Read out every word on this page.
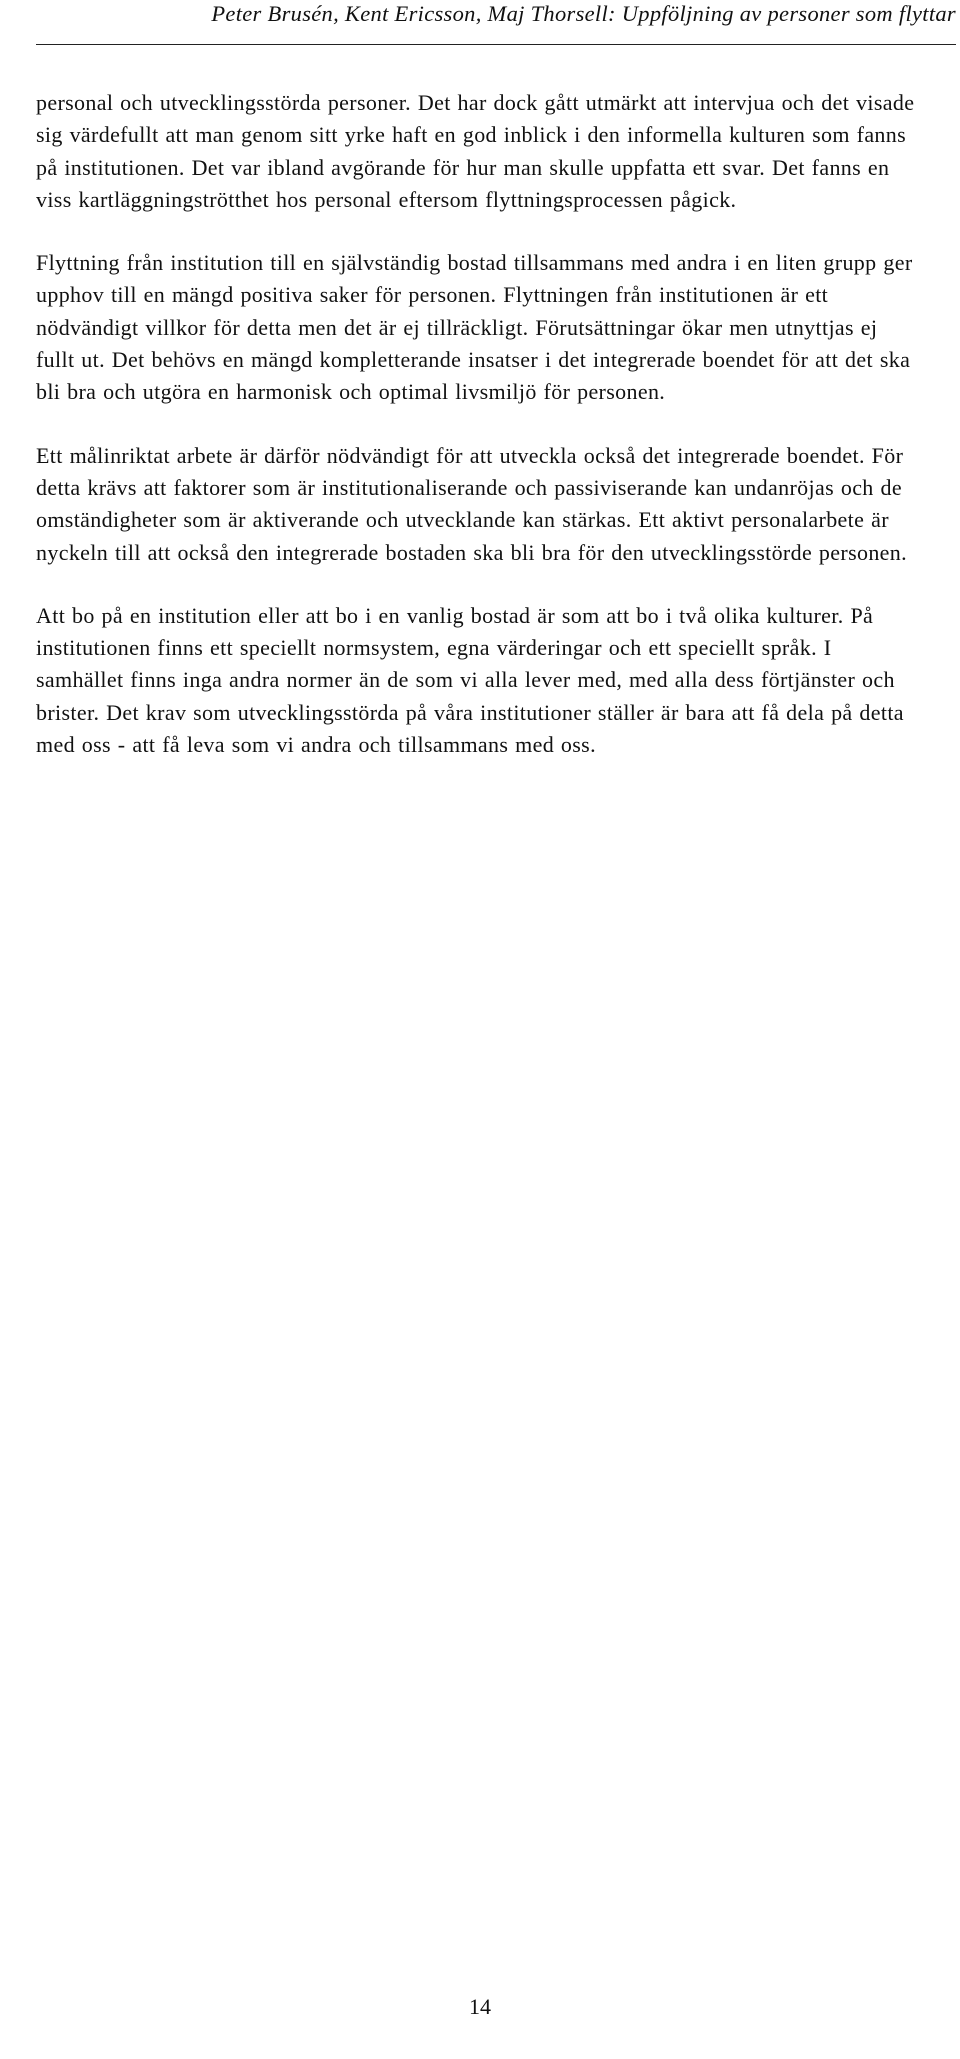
Peter Brusén, Kent Ericsson, Maj Thorsell: Uppföljning av personer som flyttar

personal och utvecklingsstörda personer. Det har dock gått utmärkt att intervjua och det visade sig värdefullt att man genom sitt yrke haft en god inblick i den informella kulturen som fanns på institutionen. Det var ibland avgörande för hur man skulle uppfatta ett svar. Det fanns en viss kartläggningströtthet hos personal eftersom flyttningsprocessen pågick.

Flyttning från institution till en självständig bostad tillsammans med andra i en liten grupp ger upphov till en mängd positiva saker för personen. Flyttningen från institutionen är ett nödvändigt villkor för detta men det är ej tillräckligt. Förutsättningar ökar men utnyttjas ej fullt ut. Det behövs en mängd kompletterande insatser i det integrerade boendet för att det ska bli bra och utgöra en harmonisk och optimal livsmiljö för personen.

Ett målinriktat arbete är därför nödvändigt för att utveckla också det integrerade boendet. För detta krävs att faktorer som är institutionaliserande och passiviserande kan undanröjas och de omständigheter som är aktiverande och utvecklande kan stärkas. Ett aktivt personalarbete är nyckeln till att också den integrerade bostaden ska bli bra för den utvecklingsstörde personen.

Att bo på en institution eller att bo i en vanlig bostad är som att bo i två olika kulturer. På institutionen finns ett speciellt normsystem, egna värderingar och ett speciellt språk. I samhället finns inga andra normer än de som vi alla lever med, med alla dess förtjänster och brister. Det krav som utvecklingsstörda på våra institutioner ställer är bara att få dela på detta med oss - att få leva som vi andra och tillsammans med oss.

14
